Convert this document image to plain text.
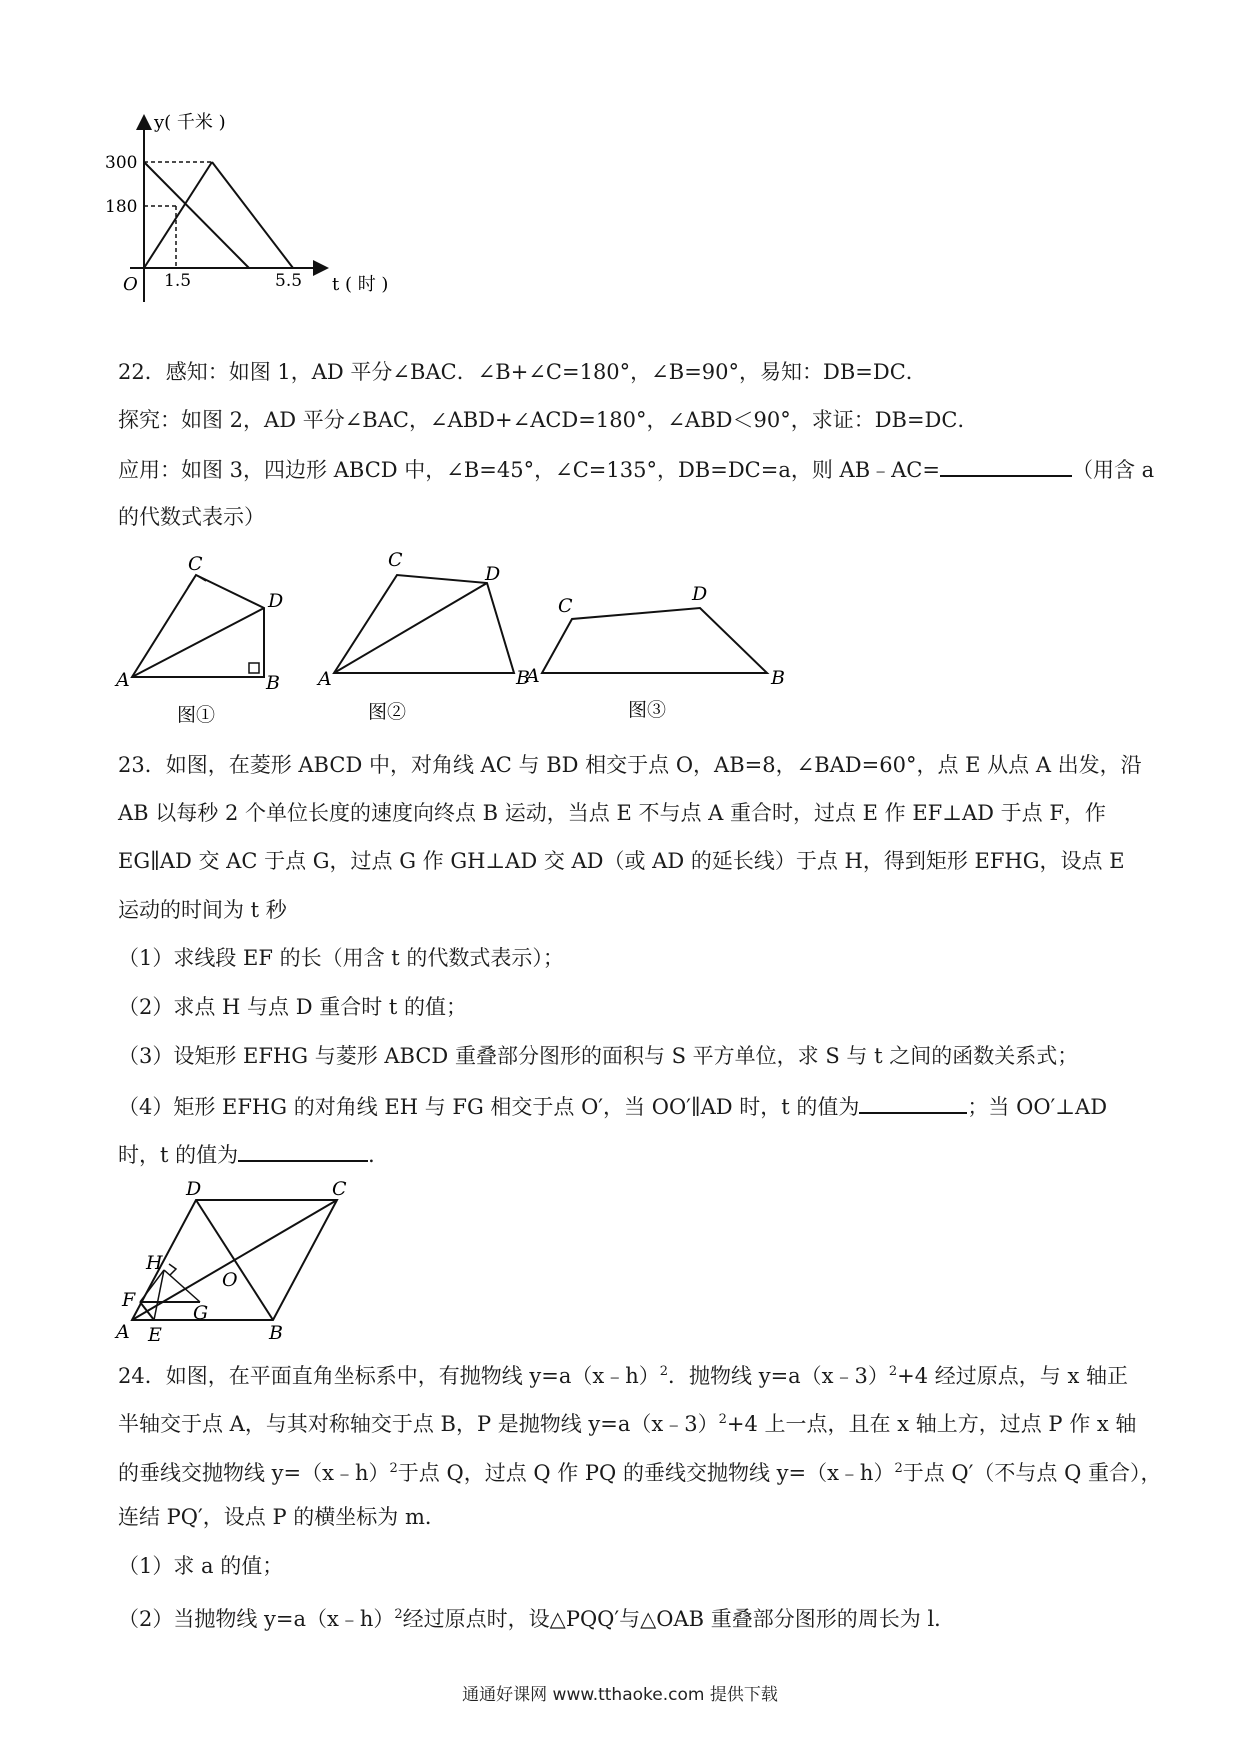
y( 千米 )
300
180
O 1.5	5.5 t ( 时 )
22．感知：如图 1，AD 平分∠BAC．∠B+∠C=180°，∠B=90°，易知：DB=DC．
探究：如图 2，AD 平分∠BAC，∠ABD+∠ACD=180°，∠ABD＜90°，求证：DB=DC．
应用：如图 3，四边形 ABCD 中，∠B=45°，∠C=135°，DB=DC=a，则 AB﹣AC=	（用含 a
的代数式表示）
A	B
C
D
图①
A	B
C
D
图②
A	B
C
D
图③
23．如图，在菱形 ABCD 中，对角线 AC 与 BD 相交于点 O，AB=8，∠BAD=60°，点 E 从点 A 出发，沿
AB 以每秒 2 个单位长度的速度向终点 B 运动，当点 E 不与点 A 重合时，过点 E 作 EF⊥AD 于点 F，作
EG∥AD 交 AC 于点 G，过点 G 作 GH⊥AD 交 AD（或 AD 的延长线）于点 H，得到矩形 EFHG，设点 E
运动的时间为 t 秒
（1）求线段 EF 的长（用含 t 的代数式表示）；
（2）求点 H 与点 D 重合时 t 的值；
（3）设矩形 EFHG 与菱形 ABCD 重叠部分图形的面积与 S 平方单位，求 S 与 t 之间的函数关系式；
（4）矩形 EFHG 的对角线 EH 与 FG 相交于点 O′，当 OO′∥AD 时，t 的值为	；当 OO′⊥AD
时，t 的值为	．
A	B
C
D
E
F
G
H
O
24．如图，在平面直角坐标系中，有抛物线 y=a（x﹣h）$^2$．抛物线 y=a（x﹣3）$^2$+4 经过原点，与 x 轴正
半轴交于点 A，与其对称轴交于点 B，P 是抛物线 y=a（x﹣3）$^2$+4 上一点，且在 x 轴上方，过点 P 作 x 轴
的垂线交抛物线 y=（x﹣h）$^2$于点 Q，过点 Q 作 PQ 的垂线交抛物线 y=（x﹣h）$^2$于点 Q′（不与点 Q 重合），
连结 PQ′，设点 P 的横坐标为 m．
（1）求 a 的值；
（2）当抛物线 y=a（x﹣h）$^2$经过原点时，设△PQQ′与△OAB 重叠部分图形的周长为 l．
通通好课网 www.tthaoke.com 提供下载
